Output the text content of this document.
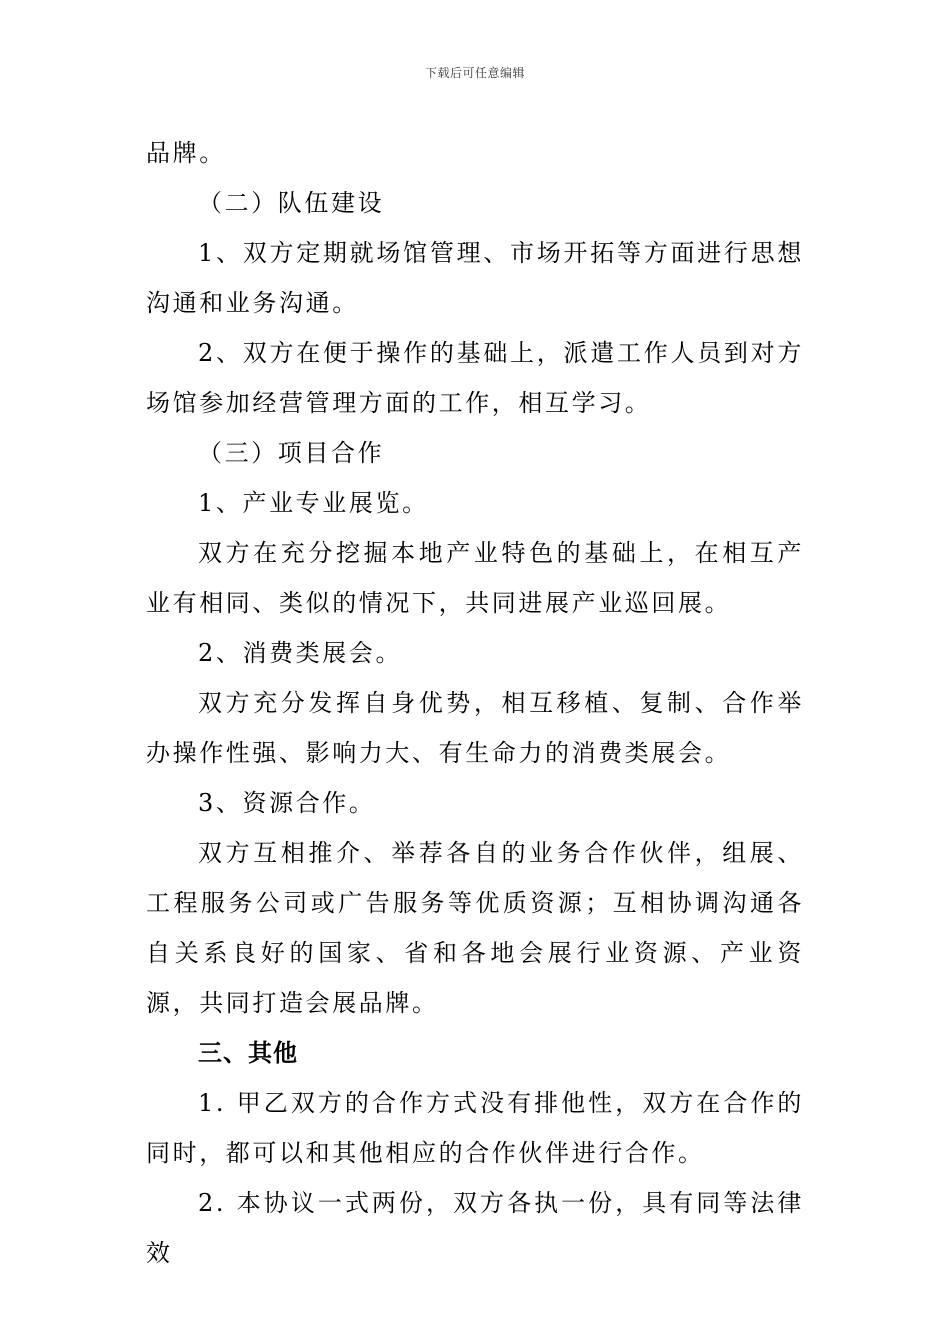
下载后可任意编辑

品牌。

（二）队伍建设

1、双方定期就场馆管理、市场开拓等方面进行思想沟通和业务沟通。

2、双方在便于操作的基础上，派遣工作人员到对方场馆参加经营管理方面的工作，相互学习。

（三）项目合作

1、产业专业展览。

双方在充分挖掘本地产业特色的基础上，在相互产业有相同、类似的情况下，共同进展产业巡回展。

2、消费类展会。

双方充分发挥自身优势，相互移植、复制、合作举办操作性强、影响力大、有生命力的消费类展会。

3、资源合作。

双方互相推介、举荐各自的业务合作伙伴，组展、工程服务公司或广告服务等优质资源；互相协调沟通各自关系良好的国家、省和各地会展行业资源、产业资源，共同打造会展品牌。

三、其他

1. 甲乙双方的合作方式没有排他性，双方在合作的同时，都可以和其他相应的合作伙伴进行合作。

2. 本协议一式两份，双方各执一份，具有同等法律效
